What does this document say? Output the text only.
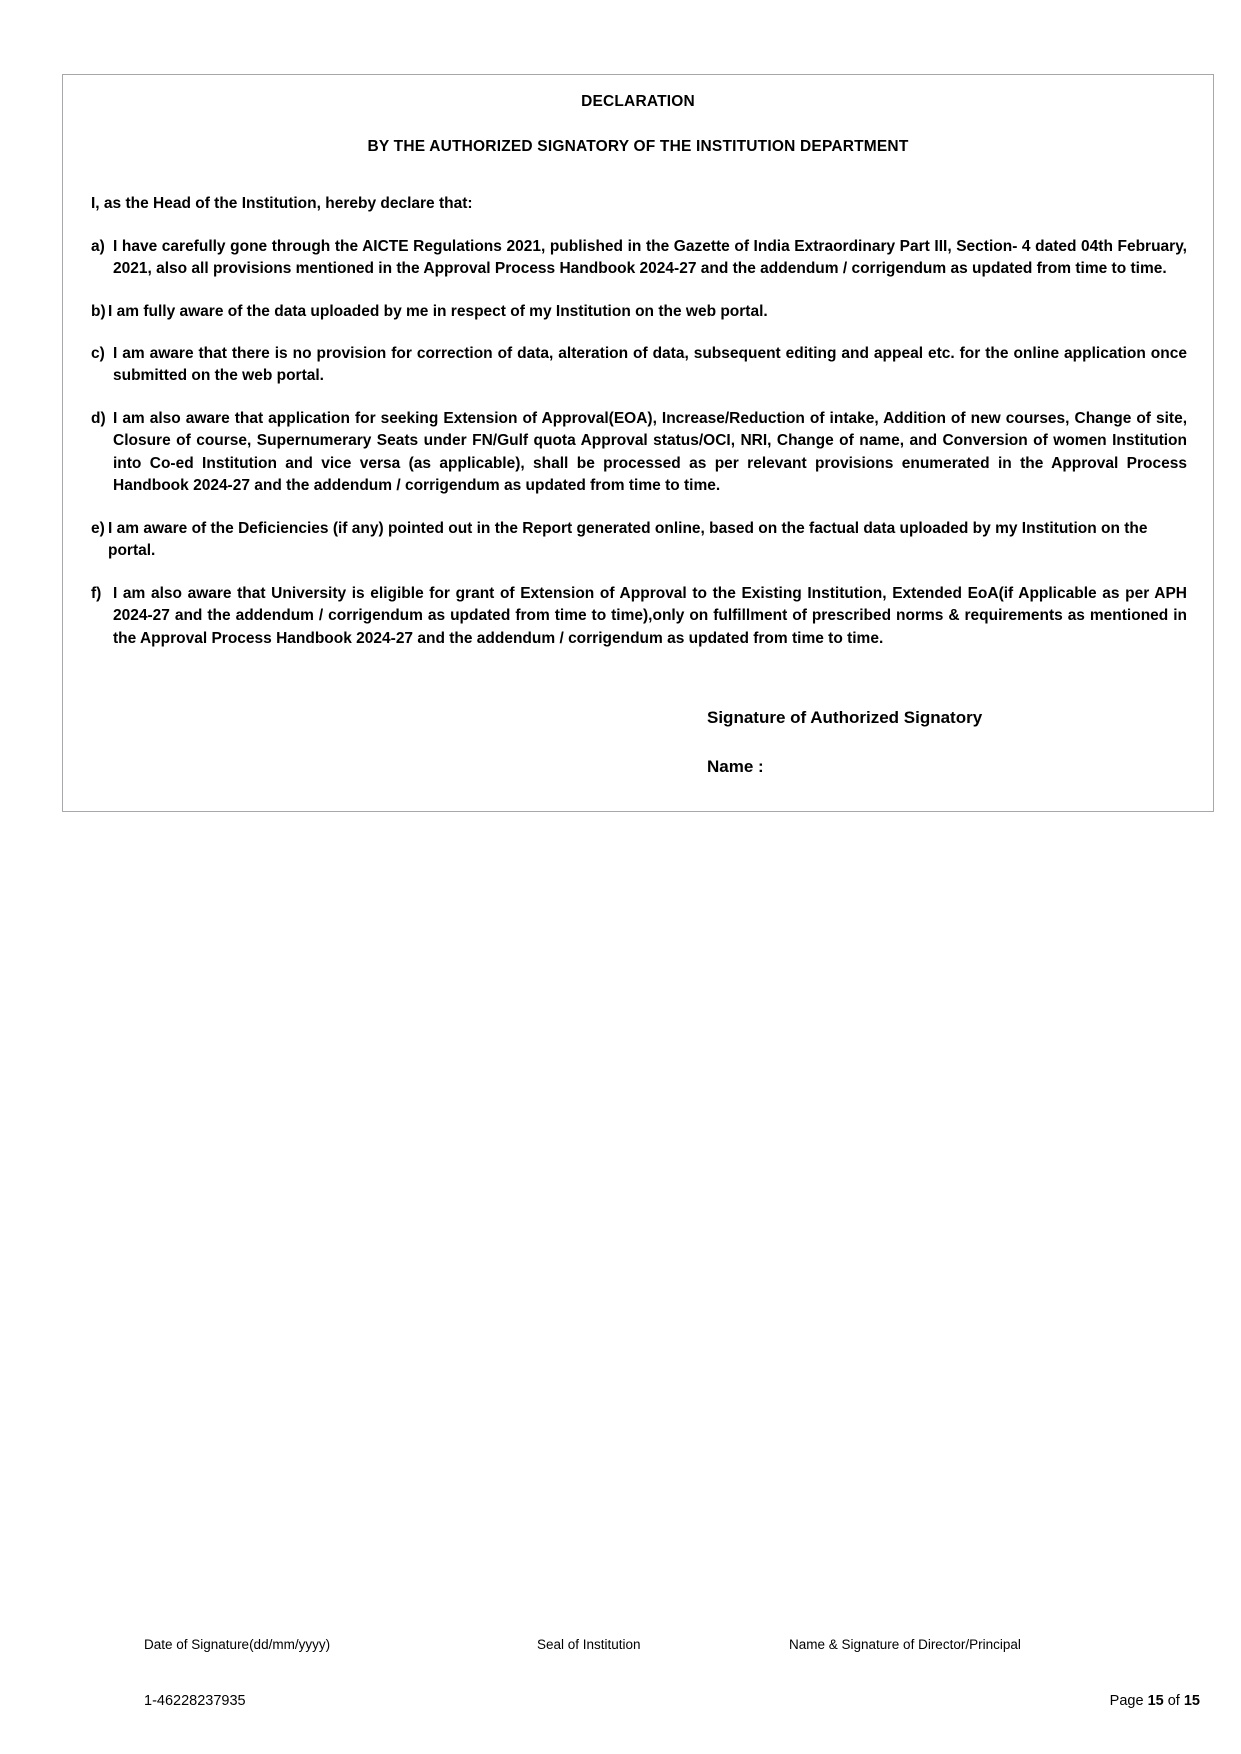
DECLARATION
BY THE AUTHORIZED SIGNATORY OF THE INSTITUTION DEPARTMENT
I, as the Head of the Institution, hereby declare that:
a) I have carefully gone through the AICTE Regulations 2021, published in the Gazette of India Extraordinary Part III, Section- 4 dated 04th February, 2021, also all provisions mentioned in the Approval Process Handbook 2024-27 and the addendum / corrigendum as updated from time to time.
b) I am fully aware of the data uploaded by me in respect of my Institution on the web portal.
c) I am aware that there is no provision for correction of data, alteration of data, subsequent editing and appeal etc. for the online application once submitted on the web portal.
d) I am also aware that application for seeking Extension of Approval(EOA), Increase/Reduction of intake, Addition of new courses, Change of site, Closure of course, Supernumerary Seats under FN/Gulf quota Approval status/OCI, NRI, Change of name, and Conversion of women Institution into Co-ed Institution and vice versa (as applicable), shall be processed as per relevant provisions enumerated in the Approval Process Handbook 2024-27 and the addendum / corrigendum as updated from time to time.
e) I am aware of the Deficiencies (if any) pointed out in the Report generated online, based on the factual data uploaded by my Institution on the portal.
f) I am also aware that University is eligible for grant of Extension of Approval to the Existing Institution, Extended EoA(if Applicable as per APH 2024-27 and the addendum / corrigendum as updated from time to time),only on fulfillment of prescribed norms & requirements as mentioned in the Approval Process Handbook 2024-27 and the addendum / corrigendum as updated from time to time.
Signature of Authorized Signatory
Name :
Date of Signature(dd/mm/yyyy)	Seal of Institution	Name & Signature of Director/Principal
1-46228237935	Page 15 of 15
